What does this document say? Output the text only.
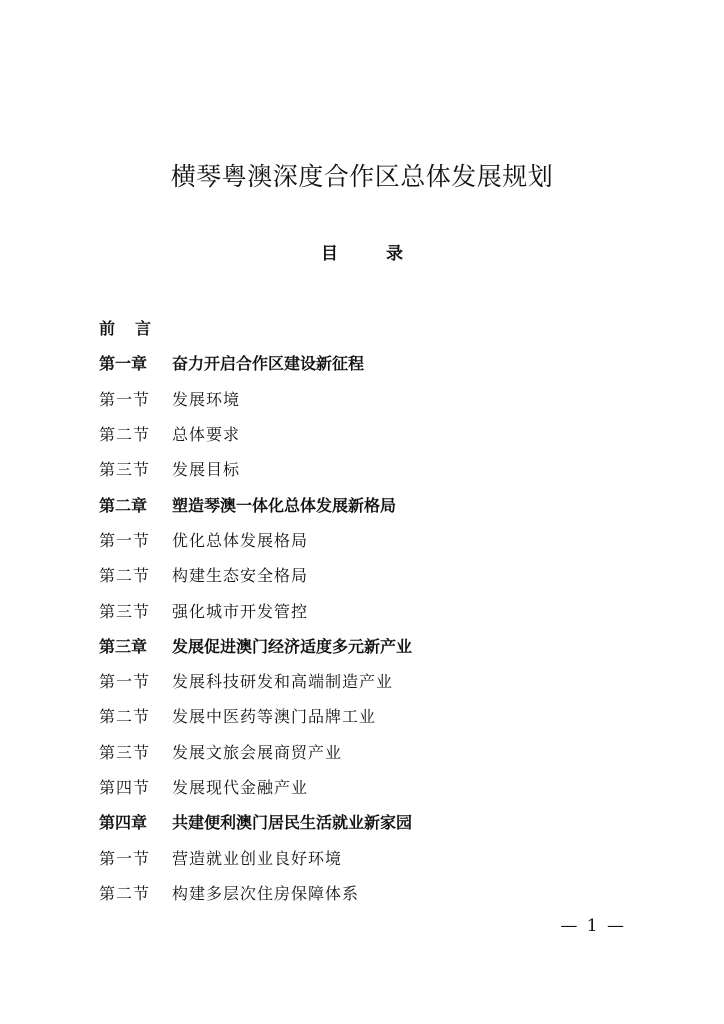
横琴粤澳深度合作区总体发展规划
目 录
前言
第一章	奋力开启合作区建设新征程
第一节	发展环境
第二节	总体要求
第三节	发展目标
第二章	塑造琴澳一体化总体发展新格局
第一节	优化总体发展格局
第二节	构建生态安全格局
第三节	强化城市开发管控
第三章	发展促进澳门经济适度多元新产业
第一节	发展科技研发和高端制造产业
第二节	发展中医药等澳门品牌工业
第三节	发展文旅会展商贸产业
第四节	发展现代金融产业
第四章	共建便利澳门居民生活就业新家园
第一节	营造就业创业良好环境
第二节	构建多层次住房保障体系
— 1 —
